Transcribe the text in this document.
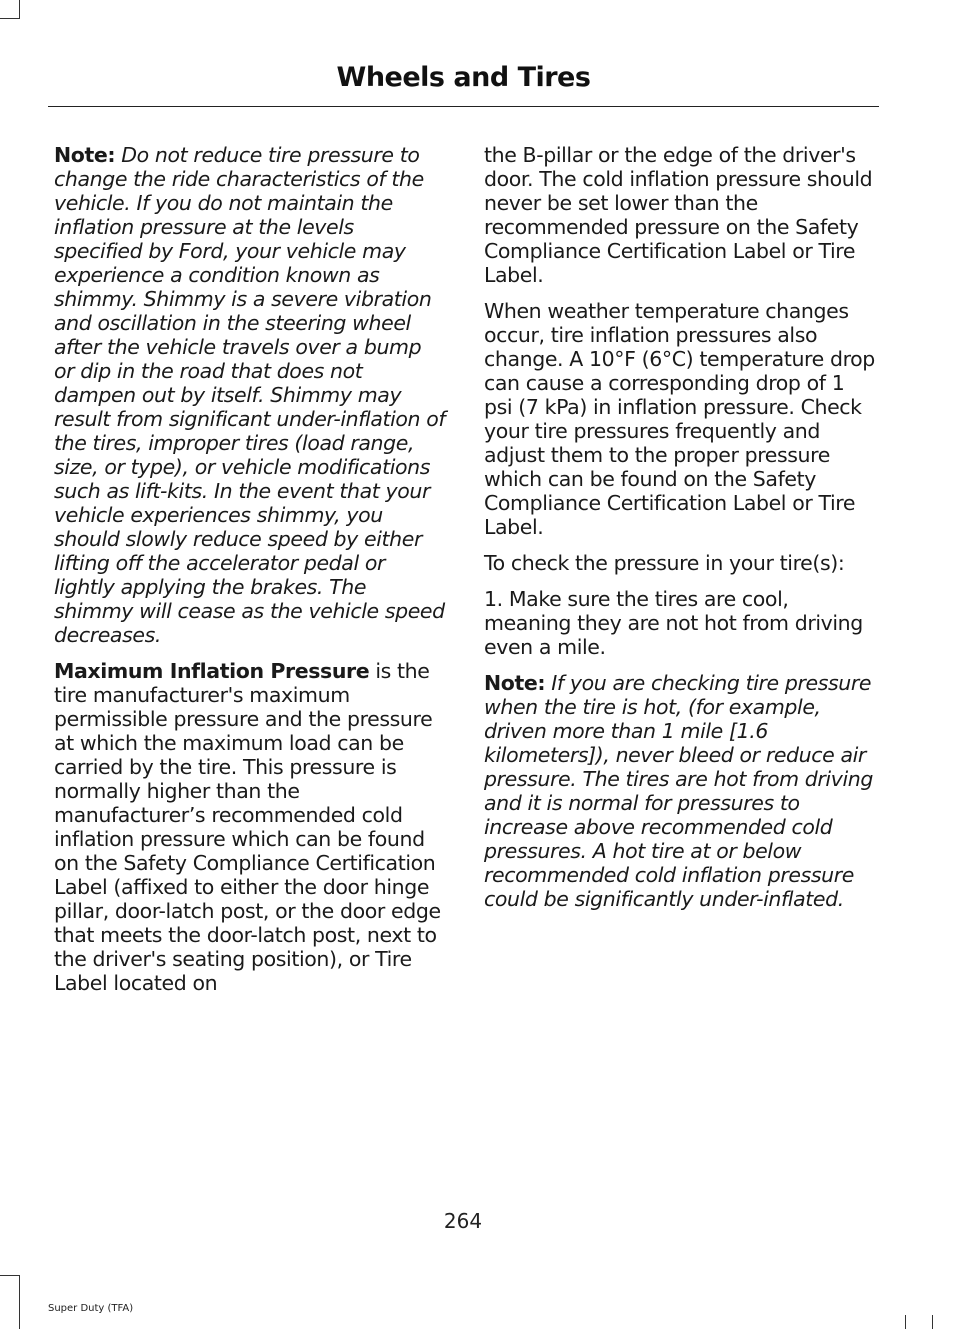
Wheels and Tires

Note: Do not reduce tire pressure to change the ride characteristics of the vehicle. If you do not maintain the inflation pressure at the levels specified by Ford, your vehicle may experience a condition known as shimmy. Shimmy is a severe vibration and oscillation in the steering wheel after the vehicle travels over a bump or dip in the road that does not dampen out by itself. Shimmy may result from significant under-inflation of the tires, improper tires (load range, size, or type), or vehicle modifications such as lift-kits. In the event that your vehicle experiences shimmy, you should slowly reduce speed by either lifting off the accelerator pedal or lightly applying the brakes. The shimmy will cease as the vehicle speed decreases.

Maximum Inflation Pressure is the tire manufacturer's maximum permissible pressure and the pressure at which the maximum load can be carried by the tire. This pressure is normally higher than the manufacturer’s recommended cold inflation pressure which can be found on the Safety Compliance Certification Label (affixed to either the door hinge pillar, door-latch post, or the door edge that meets the door-latch post, next to the driver's seating position), or Tire Label located on

the B-pillar or the edge of the driver's door. The cold inflation pressure should never be set lower than the recommended pressure on the Safety Compliance Certification Label or Tire Label.

When weather temperature changes occur, tire inflation pressures also change. A 10°F (6°C) temperature drop can cause a corresponding drop of 1 psi (7 kPa) in inflation pressure. Check your tire pressures frequently and adjust them to the proper pressure which can be found on the Safety Compliance Certification Label or Tire Label.

To check the pressure in your tire(s):

1. Make sure the tires are cool, meaning they are not hot from driving even a mile.

Note: If you are checking tire pressure when the tire is hot, (for example, driven more than 1 mile [1.6 kilometers]), never bleed or reduce air pressure. The tires are hot from driving and it is normal for pressures to increase above recommended cold pressures. A hot tire at or below recommended cold inflation pressure could be significantly under-inflated.

264
Super Duty (TFA)
